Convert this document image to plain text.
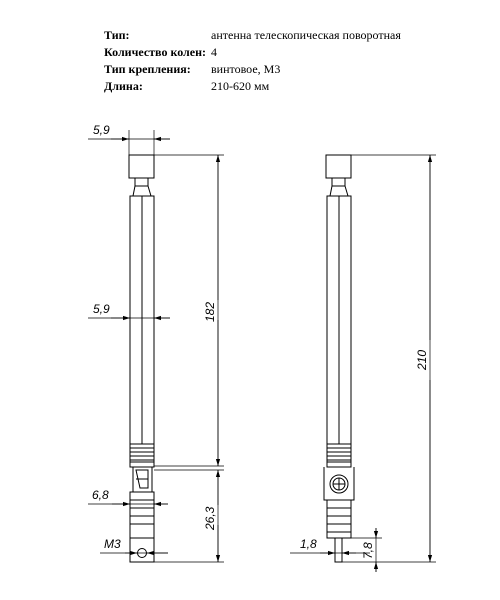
Тип:	антенна телескопическая поворотная
Количество колен: 4
Тип крепления: винтовое, М3
Длина:	210-620 мм
5,9
5,9	182
6,8
26,3
М3
210
1,8	7,8
